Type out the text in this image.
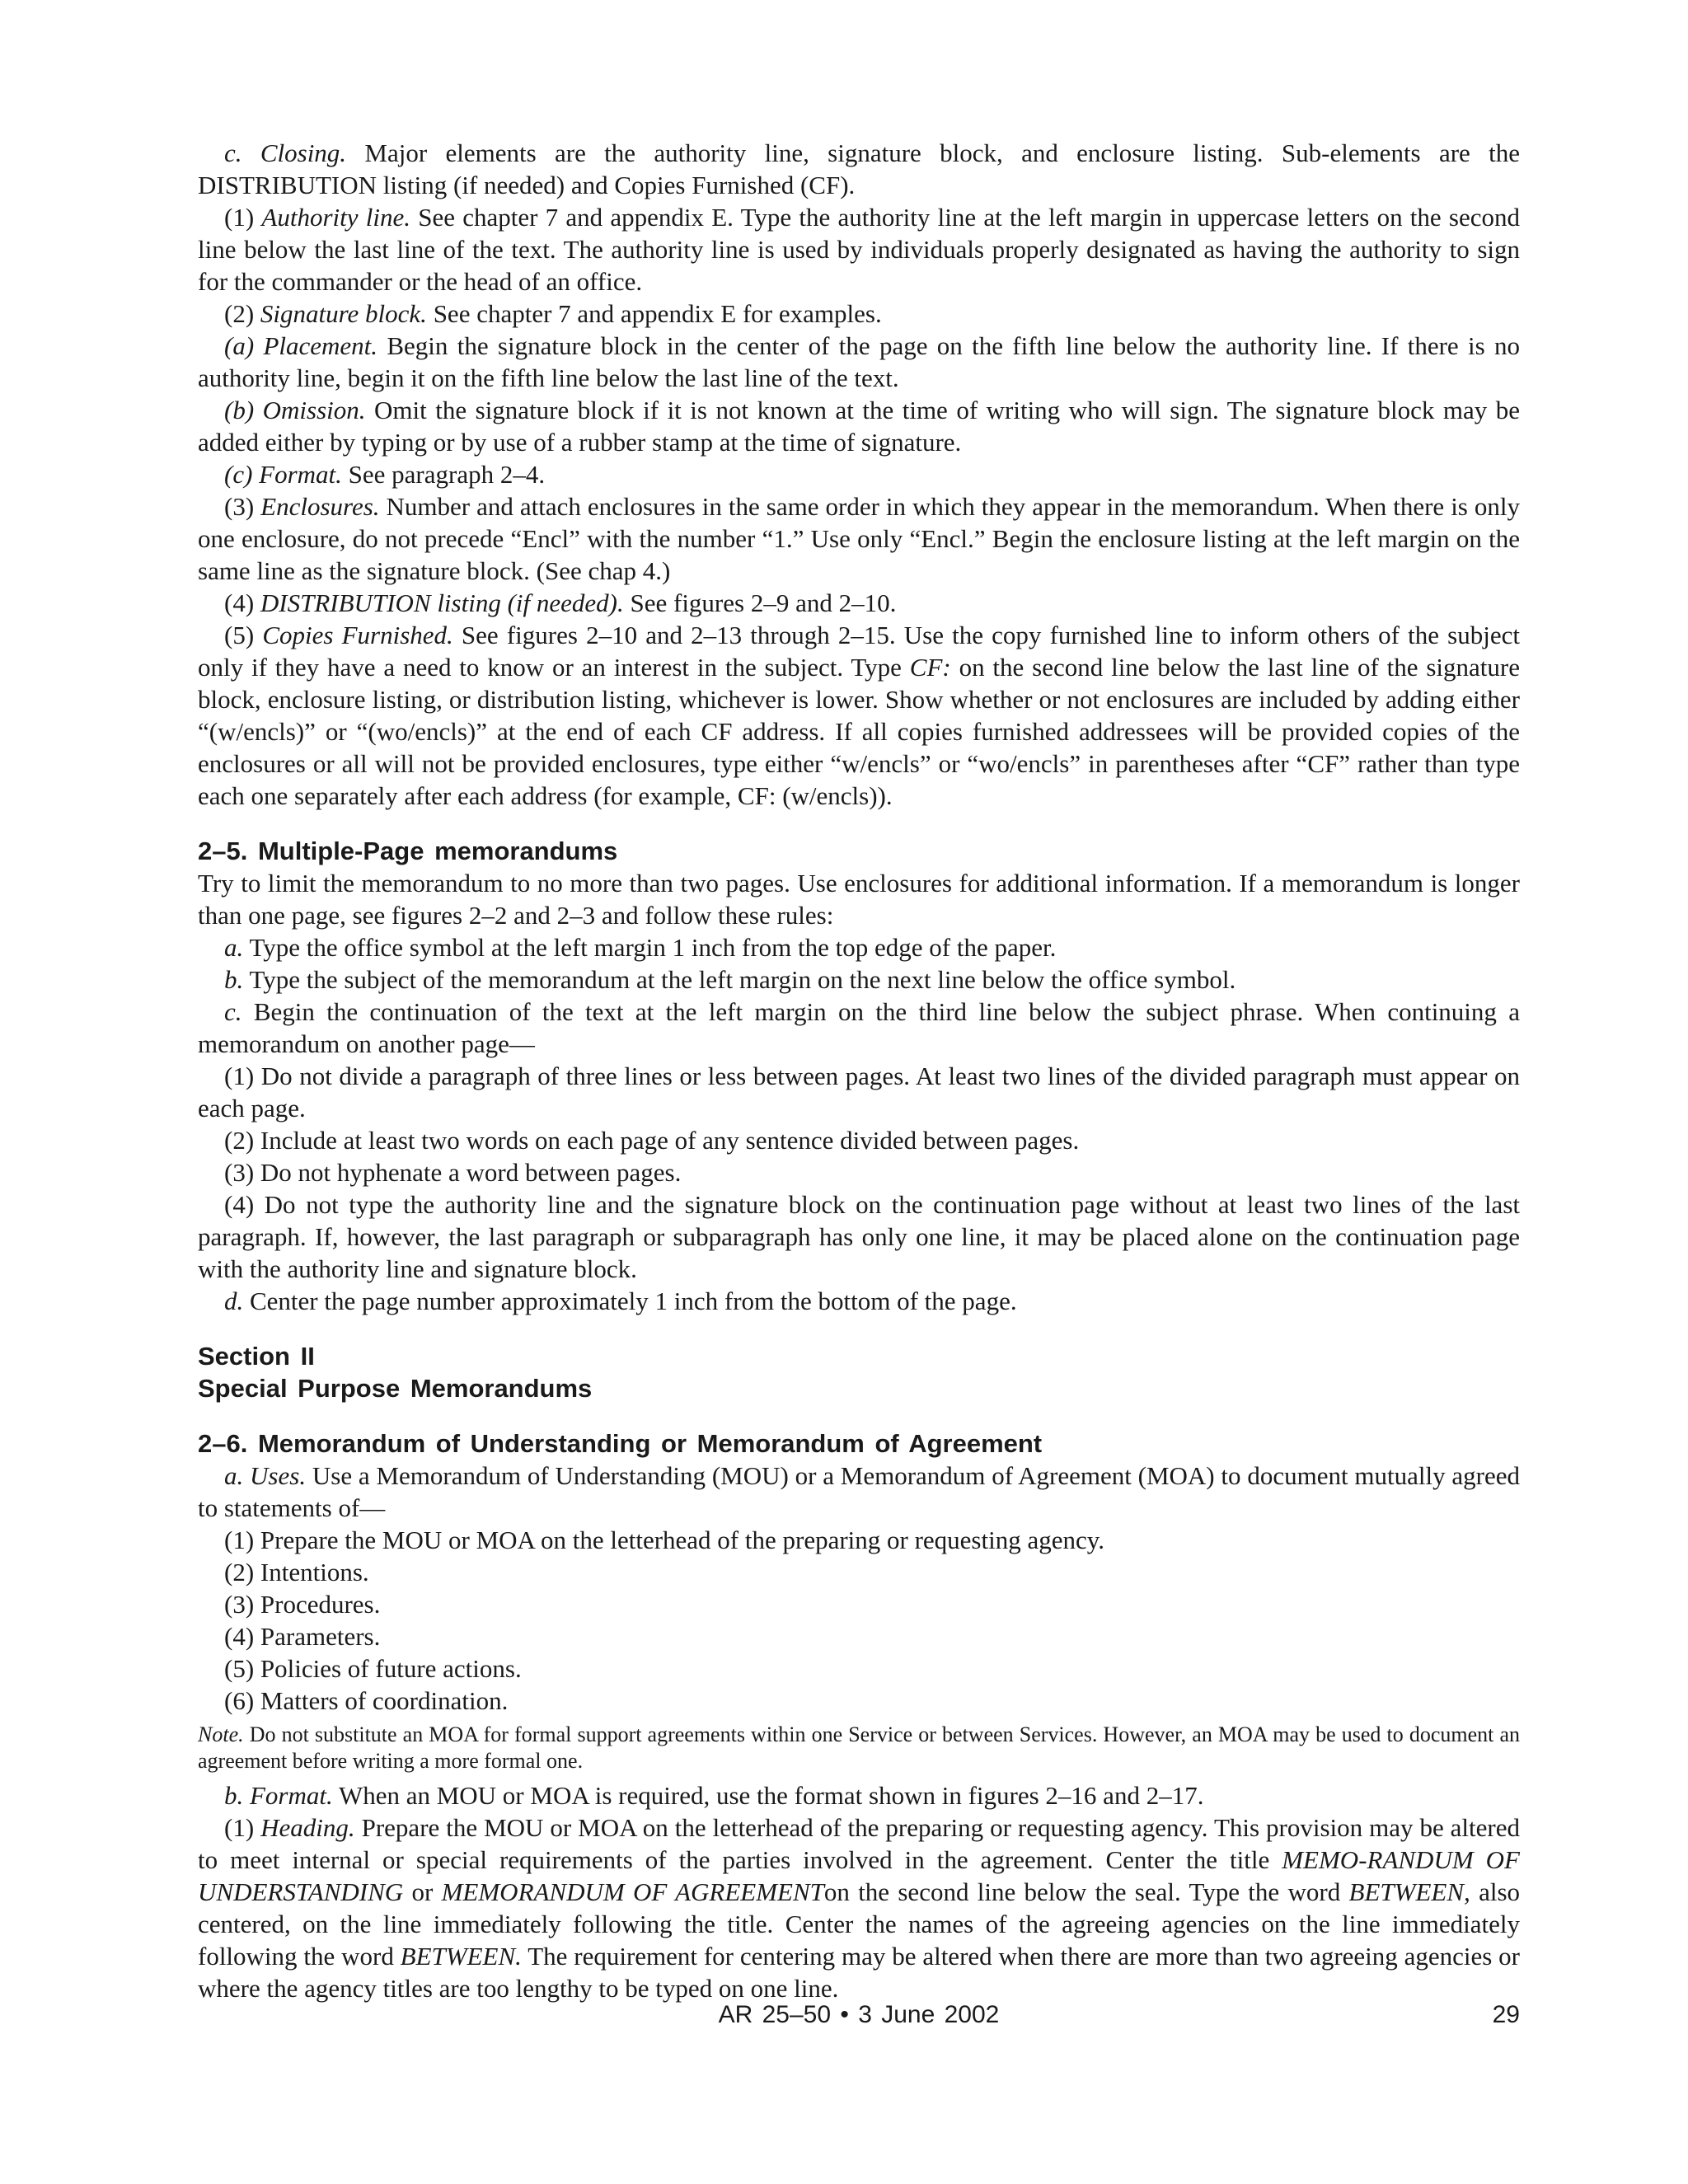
c. Closing. Major elements are the authority line, signature block, and enclosure listing. Sub-elements are the DISTRIBUTION listing (if needed) and Copies Furnished (CF).

(1) Authority line. See chapter 7 and appendix E. Type the authority line at the left margin in uppercase letters on the second line below the last line of the text. The authority line is used by individuals properly designated as having the authority to sign for the commander or the head of an office.

(2) Signature block. See chapter 7 and appendix E for examples.

(a) Placement. Begin the signature block in the center of the page on the fifth line below the authority line. If there is no authority line, begin it on the fifth line below the last line of the text.

(b) Omission. Omit the signature block if it is not known at the time of writing who will sign. The signature block may be added either by typing or by use of a rubber stamp at the time of signature.

(c) Format. See paragraph 2–4.

(3) Enclosures. Number and attach enclosures in the same order in which they appear in the memorandum. When there is only one enclosure, do not precede “Encl” with the number “1.” Use only “Encl.” Begin the enclosure listing at the left margin on the same line as the signature block. (See chap 4.)

(4) DISTRIBUTION listing (if needed). See figures 2–9 and 2–10.

(5) Copies Furnished. See figures 2–10 and 2–13 through 2–15. Use the copy furnished line to inform others of the subject only if they have a need to know or an interest in the subject. Type CF: on the second line below the last line of the signature block, enclosure listing, or distribution listing, whichever is lower. Show whether or not enclosures are included by adding either “(w/encls)” or “(wo/encls)” at the end of each CF address. If all copies furnished addressees will be provided copies of the enclosures or all will not be provided enclosures, type either “w/encls” or “wo/encls” in parentheses after “CF” rather than type each one separately after each address (for example, CF: (w/encls)).

2–5. Multiple-Page memorandums

Try to limit the memorandum to no more than two pages. Use enclosures for additional information. If a memorandum is longer than one page, see figures 2–2 and 2–3 and follow these rules:

a. Type the office symbol at the left margin 1 inch from the top edge of the paper.

b. Type the subject of the memorandum at the left margin on the next line below the office symbol.

c. Begin the continuation of the text at the left margin on the third line below the subject phrase. When continuing a memorandum on another page—

(1) Do not divide a paragraph of three lines or less between pages. At least two lines of the divided paragraph must appear on each page.

(2) Include at least two words on each page of any sentence divided between pages.

(3) Do not hyphenate a word between pages.

(4) Do not type the authority line and the signature block on the continuation page without at least two lines of the last paragraph. If, however, the last paragraph or subparagraph has only one line, it may be placed alone on the continuation page with the authority line and signature block.

d. Center the page number approximately 1 inch from the bottom of the page.

Section II
Special Purpose Memorandums
2–6. Memorandum of Understanding or Memorandum of Agreement

a. Uses. Use a Memorandum of Understanding (MOU) or a Memorandum of Agreement (MOA) to document mutually agreed to statements of—

(1) Prepare the MOU or MOA on the letterhead of the preparing or requesting agency.

(2) Intentions.

(3) Procedures.

(4) Parameters.

(5) Policies of future actions.

(6) Matters of coordination.

Note. Do not substitute an MOA for formal support agreements within one Service or between Services. However, an MOA may be used to document an agreement before writing a more formal one.

b. Format. When an MOU or MOA is required, use the format shown in figures 2–16 and 2–17.

(1) Heading. Prepare the MOU or MOA on the letterhead of the preparing or requesting agency. This provision may be altered to meet internal or special requirements of the parties involved in the agreement. Center the title MEMO-RANDUM OF UNDERSTANDING or MEMORANDUM OF AGREEMENTon the second line below the seal. Type the word BETWEEN, also centered, on the line immediately following the title. Center the names of the agreeing agencies on the line immediately following the word BETWEEN. The requirement for centering may be altered when there are more than two agreeing agencies or where the agency titles are too lengthy to be typed on one line.

AR 25–50 • 3 June 2002	29
